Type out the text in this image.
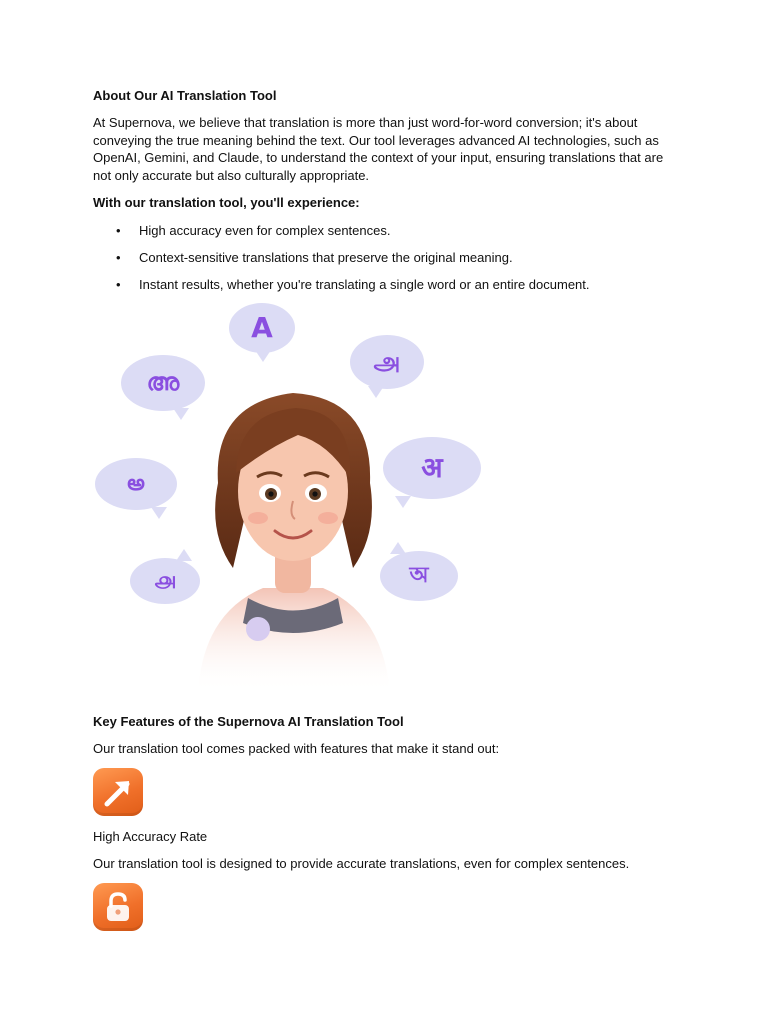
About Our AI Translation Tool

At Supernova, we believe that translation is more than just word-for-word conversion; it's about conveying the true meaning behind the text. Our tool leverages advanced AI technologies, such as OpenAI, Gemini, and Claude, to understand the context of your input, ensuring translations that are not only accurate but also culturally appropriate.

With our translation tool, you'll experience:

• High accuracy even for complex sentences.
• Context-sensitive translations that preserve the original meaning.
• Instant results, whether you're translating a single word or an entire document.
A
അ
அ
అ	अ
௮	অ
Key Features of the Supernova AI Translation Tool

Our translation tool comes packed with features that make it stand out:

High Accuracy Rate

Our translation tool is designed to provide accurate translations, even for complex sentences.
